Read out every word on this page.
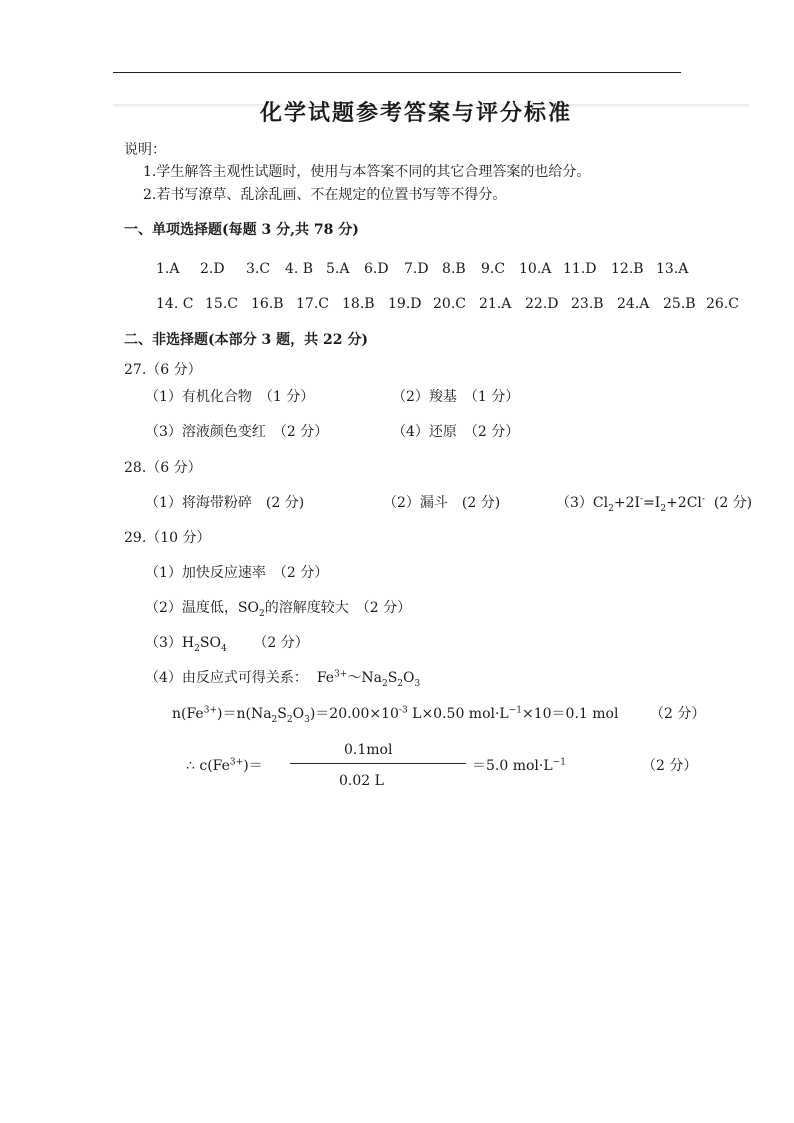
化学试题参考答案与评分标准
说明：
1.学生解答主观性试题时，使用与本答案不同的其它合理答案的也给分。
2.若书写潦草、乱涂乱画、不在规定的位置书写等不得分。
一、单项选择题(每题 3 分,共 78 分)
1.A 2.D 3.C 4. B 5.A 6.D 7.D 8.B 9.C 10.A 11.D 12.B 13.A
14. C 15.C 16.B 17.C 18.B 19.D 20.C 21.A 22.D 23.B 24.A 25.B 26.C
二、非选择题(本部分 3 题，共 22 分)
27.（6 分）
（1）有机化合物　（1 分）	（2）羧基　（1 分）
（3）溶液颜色变红　（2 分）	（4）还原　（2 分）
28.（6 分）
（1）将海带粉碎　(2 分)	（2）漏斗　(2 分)	$(3)Cl_2+2I^-=I_2+2Cl^-$ (2 分)
29.（10 分）
（1）加快反应速率　（2 分）
（2）温度低，$SO_2$的溶解度较大　（2 分）
$(3)H_2SO_4$ （2 分）
（4）由反应式可得关系：  $Fe^{3+}\sim Na_2S_2O_3$
$n(Fe^{3+})=n(Na_2S_2O_3)=20.00\times 10^{-3}$ L×0.50 $mol\cdot L^{-1}\times 10=0.1$ mol （2 分）
∴ $c(Fe^{3+})=$
0.1mol
0.02 L
＝5.0 $mol\cdot L^{-1}$	（2 分）
